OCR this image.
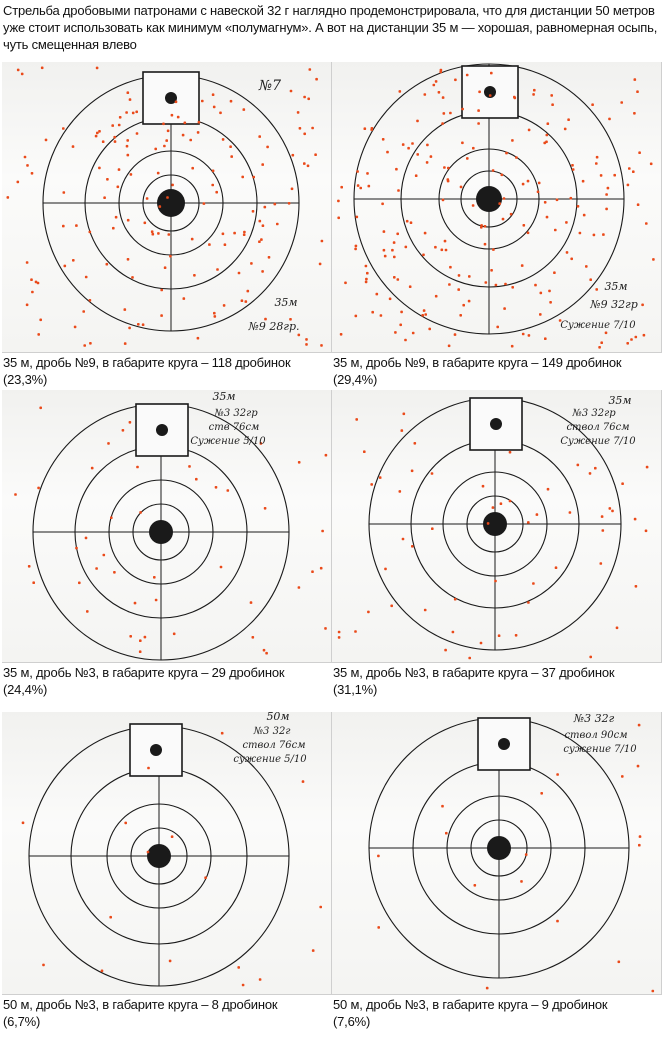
Стрельба дробовыми патронами с навеской 32 г наглядно продемонстрировала, что для дистанции 50 метров уже стоит использовать как минимум «полумагнум». А вот на дистанции 35 м — хорошая, равномерная осыпь, чуть смещенная влево
№7
35м
№9 28гр.
35 м, дробь №9, в габарите круга – 118 дробинок
(23,3%)
35м
№9 32гр
Сужение 7/10
35 м, дробь №9, в габарите круга – 149 дробинок
(29,4%)
35м
№3 32гр
ств 76см
Сужение 5/10
35 м, дробь №3, в габарите круга – 29 дробинок
(24,4%)
35м
№3 32гр
ствол 76см
Сужение 7/10
35 м, дробь №3, в габарите круга – 37 дробинок
(31,1%)
50м
№3 32г
ствол 76см
сужение 5/10
50 м, дробь №3, в габарите круга – 8 дробинок
(6,7%)
№3 32г
ствол 90см
сужение 7/10
50 м, дробь №3, в габарите круга – 9 дробинок
(7,6%)
